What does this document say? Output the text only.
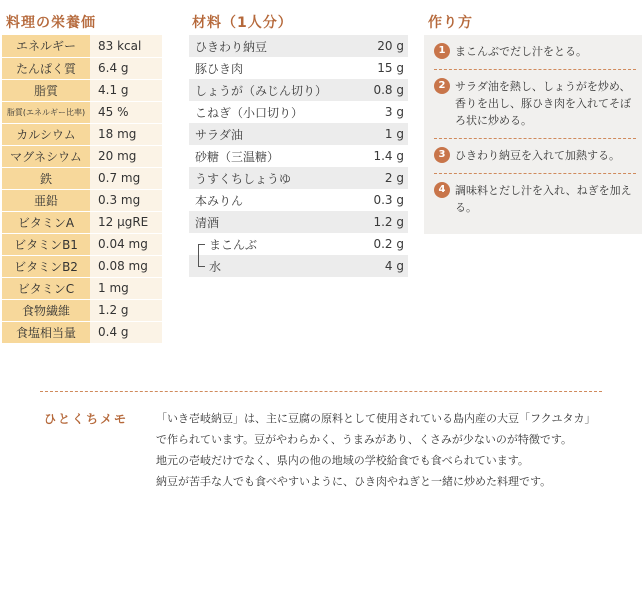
料理の栄養価
エネルギー	83 kcal
たんぱく質	6.4 g
脂質	4.1 g
脂質(エネルギー比率)	45 %
カルシウム	18 mg
マグネシウム	20 mg
鉄	0.7 mg
亜鉛	0.3 mg
ビタミンA	12 μgRE
ビタミンB1	0.04 mg
ビタミンB2	0.08 mg
ビタミンC	1 mg
食物繊維	1.2 g
食塩相当量	0.4 g
材料（1人分）
ひきわり納豆	20 g
豚ひき肉	15 g
しょうが（みじん切り）	0.8 g
こねぎ（小口切り）	3 g
サラダ油	1 g
砂糖（三温糖）	1.4 g
うすくちしょうゆ	2 g
本みりん	0.3 g
清酒	1.2 g
まこんぶ	0.2 g
水	4 g
作り方
1 まこんぶでだし汁をとる。
2 サラダ油を熱し、しょうがを炒め、香りを出し、豚ひき肉を入れてそぼろ状に炒める。
3 ひきわり納豆を入れて加熱する。
4 調味料とだし汁を入れ、ねぎを加える。
ひとくちメモ	「いき壱岐納豆」は、主に豆腐の原料として使用されている島内産の大豆「フクユタカ」

で作られています。豆がやわらかく、うまみがあり、くさみが少ないのが特徴です。

地元の壱岐だけでなく、県内の他の地域の学校給食でも食べられています。

納豆が苦手な人でも食べやすいように、ひき肉やねぎと一緒に炒めた料理です。
